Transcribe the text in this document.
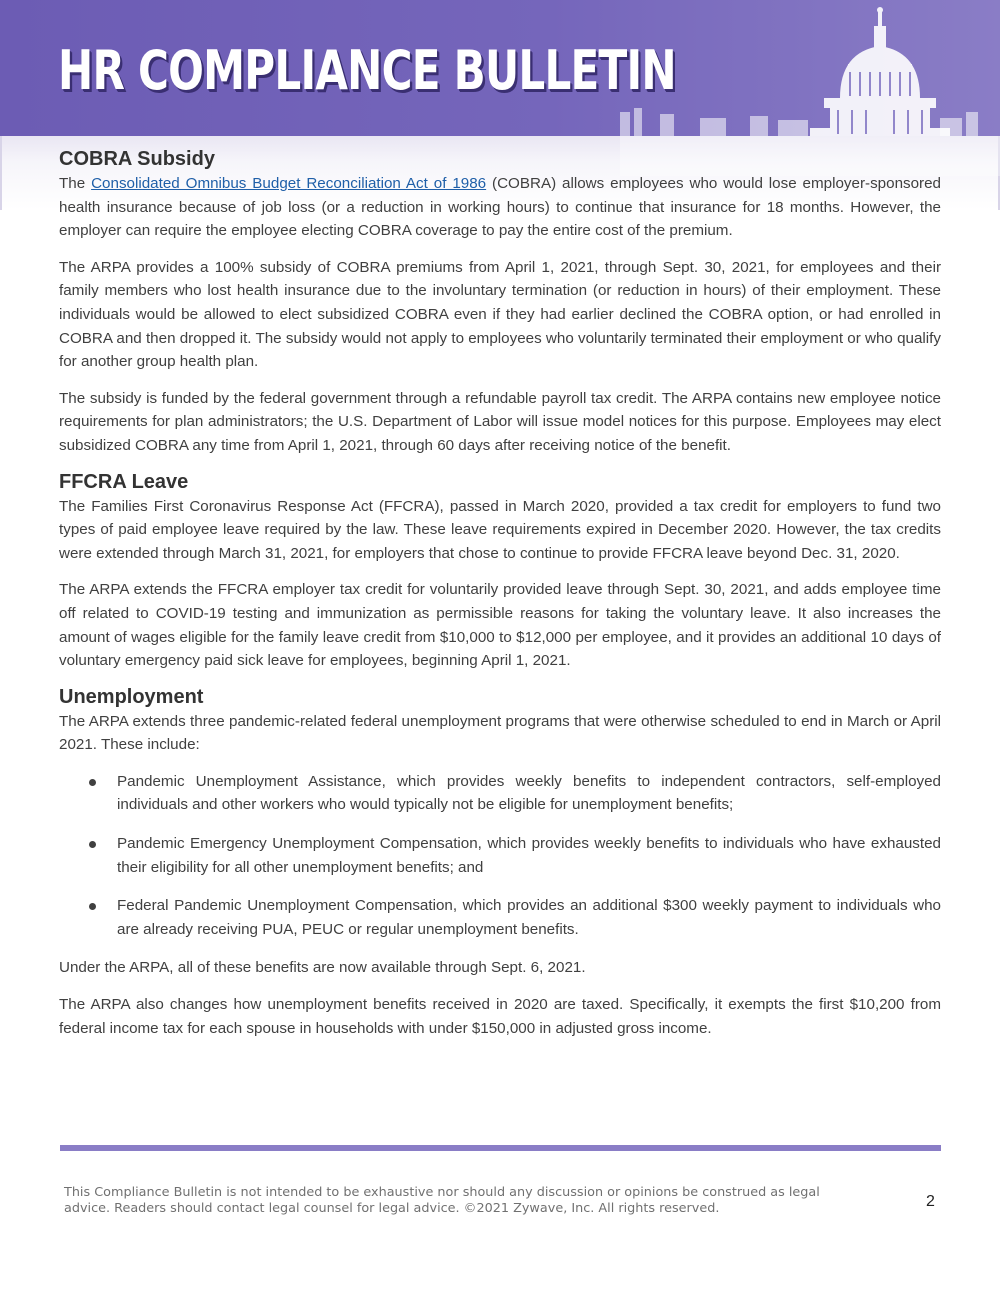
HR COMPLIANCE BULLETIN
COBRA Subsidy

The Consolidated Omnibus Budget Reconciliation Act of 1986 (COBRA) allows employees who would lose employer-sponsored health insurance because of job loss (or a reduction in working hours) to continue that insurance for 18 months. However, the employer can require the employee electing COBRA coverage to pay the entire cost of the premium.

The ARPA provides a 100% subsidy of COBRA premiums from April 1, 2021, through Sept. 30, 2021, for employees and their family members who lost health insurance due to the involuntary termination (or reduction in hours) of their employment. These individuals would be allowed to elect subsidized COBRA even if they had earlier declined the COBRA option, or had enrolled in COBRA and then dropped it. The subsidy would not apply to employees who voluntarily terminated their employment or who qualify for another group health plan.

The subsidy is funded by the federal government through a refundable payroll tax credit. The ARPA contains new employee notice requirements for plan administrators; the U.S. Department of Labor will issue model notices for this purpose. Employees may elect subsidized COBRA any time from April 1, 2021, through 60 days after receiving notice of the benefit.

FFCRA Leave

The Families First Coronavirus Response Act (FFCRA), passed in March 2020, provided a tax credit for employers to fund two types of paid employee leave required by the law. These leave requirements expired in December 2020. However, the tax credits were extended through March 31, 2021, for employers that chose to continue to provide FFCRA leave beyond Dec. 31, 2020.

The ARPA extends the FFCRA employer tax credit for voluntarily provided leave through Sept. 30, 2021, and adds employee time off related to COVID-19 testing and immunization as permissible reasons for taking the voluntary leave. It also increases the amount of wages eligible for the family leave credit from $10,000 to $12,000 per employee, and it provides an additional 10 days of voluntary emergency paid sick leave for employees, beginning April 1, 2021.

Unemployment

The ARPA extends three pandemic-related federal unemployment programs that were otherwise scheduled to end in March or April 2021. These include:

Pandemic Unemployment Assistance, which provides weekly benefits to independent contractors, self-employed individuals and other workers who would typically not be eligible for unemployment benefits;
Pandemic Emergency Unemployment Compensation, which provides weekly benefits to individuals who have exhausted their eligibility for all other unemployment benefits; and
Federal Pandemic Unemployment Compensation, which provides an additional $300 weekly payment to individuals who are already receiving PUA, PEUC or regular unemployment benefits.

Under the ARPA, all of these benefits are now available through Sept. 6, 2021.

The ARPA also changes how unemployment benefits received in 2020 are taxed. Specifically, it exempts the first $10,200 from federal income tax for each spouse in households with under $150,000 in adjusted gross income.

This Compliance Bulletin is not intended to be exhaustive nor should any discussion or opinions be construed as legal advice. Readers should contact legal counsel for legal advice. ©2021 Zywave, Inc. All rights reserved.	2
